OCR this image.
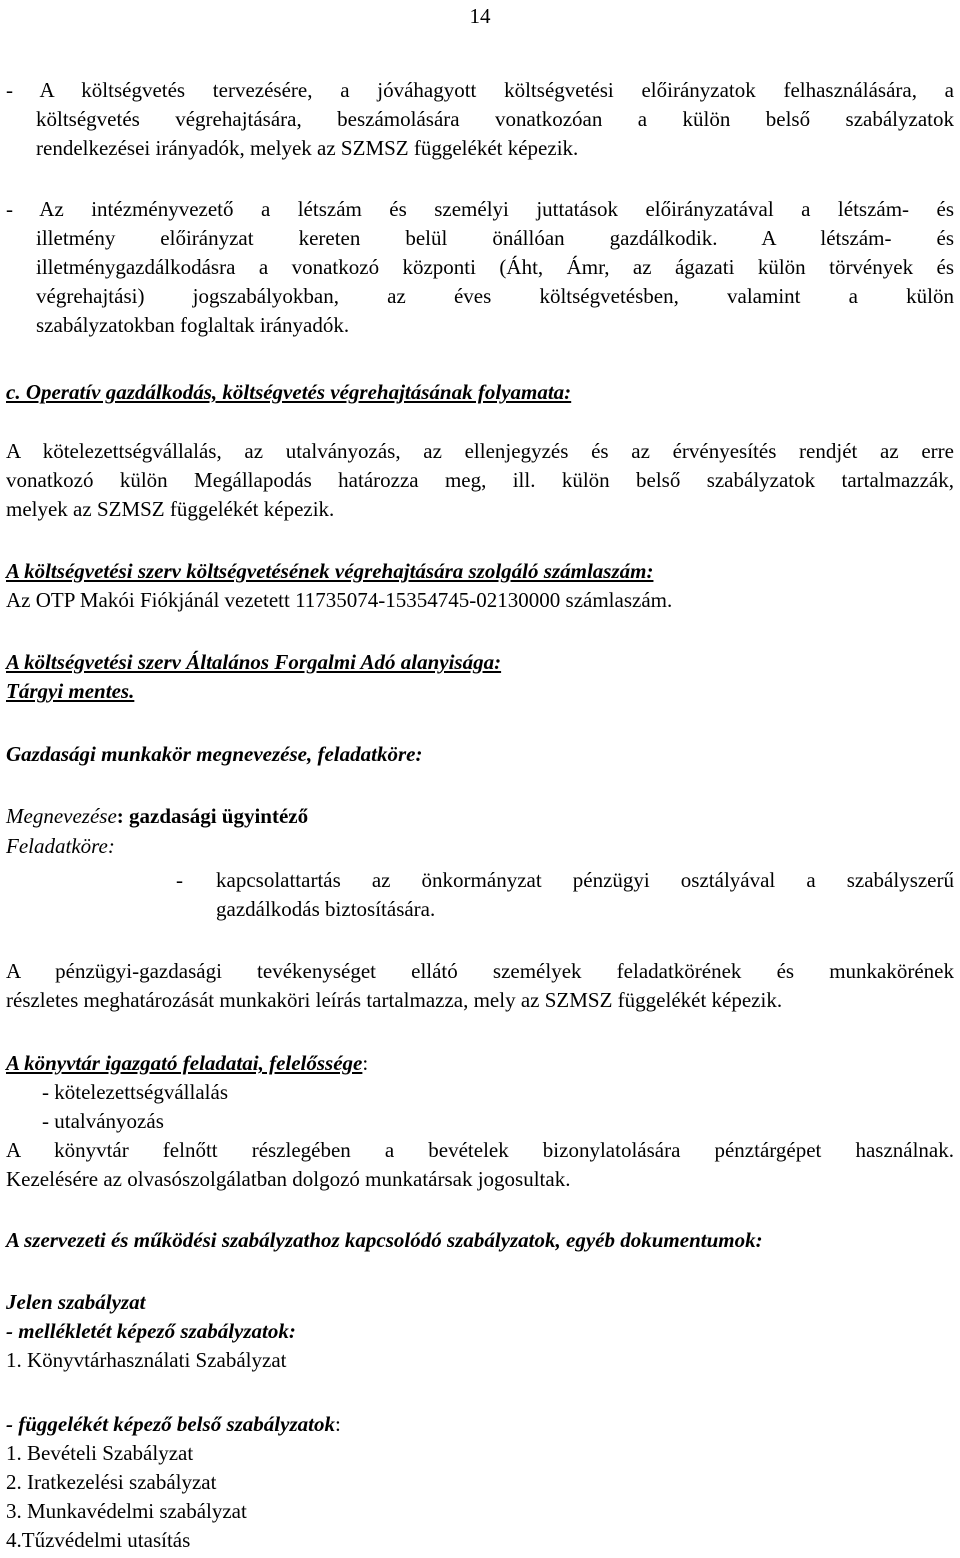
14
- A költségvetés tervezésére, a jóváhagyott költségvetési előirányzatok felhasználására, a
költségvetés végrehajtására, beszámolására vonatkozóan a külön belső szabályzatok
rendelkezései irányadók, melyek az SZMSZ függelékét képezik.
- Az intézményvezető a létszám és személyi juttatások előirányzatával a létszám- és
illetmény előirányzat kereten belül önállóan gazdálkodik. A létszám- és
illetménygazdálkodásra a vonatkozó központi (Áht, Ámr, az ágazati külön törvények és
végrehajtási) jogszabályokban, az éves költségvetésben, valamint a külön
szabályzatokban foglaltak irányadók.
c. Operatív gazdálkodás, költségvetés végrehajtásának folyamata:
A kötelezettségvállalás, az utalványozás, az ellenjegyzés és az érvényesítés rendjét az erre
vonatkozó külön Megállapodás határozza meg, ill. külön belső szabályzatok tartalmazzák,
melyek az SZMSZ függelékét képezik.
A költségvetési szerv költségvetésének végrehajtására szolgáló számlaszám:
Az OTP Makói Fiókjánál vezetett 11735074-15354745-02130000 számlaszám.
A költségvetési szerv Általános Forgalmi Adó alanyisága:
Tárgyi mentes.
Gazdasági munkakör megnevezése, feladatköre:
Megnevezése: gazdasági ügyintéző
Feladatköre:
- kapcsolattartás az önkormányzat pénzügyi osztályával a szabályszerű
gazdálkodás biztosítására.
A pénzügyi-gazdasági tevékenységet ellátó személyek feladatkörének és munkakörének
részletes meghatározását munkaköri leírás tartalmazza, mely az SZMSZ függelékét képezik.
A könyvtár igazgató feladatai, felelőssége:
- kötelezettségvállalás
- utalványozás
A könyvtár felnőtt részlegében a bevételek bizonylatolására pénztárgépet használnak.
Kezelésére az olvasószolgálatban dolgozó munkatársak jogosultak.
A szervezeti és működési szabályzathoz kapcsolódó szabályzatok, egyéb dokumentumok:
Jelen szabályzat
- mellékletét képező szabályzatok:
1. Könyvtárhasználati Szabályzat
- függelékét képező belső szabályzatok:
1. Bevételi Szabályzat
2. Iratkezelési szabályzat
3. Munkavédelmi szabályzat
4.Tűzvédelmi utasítás
